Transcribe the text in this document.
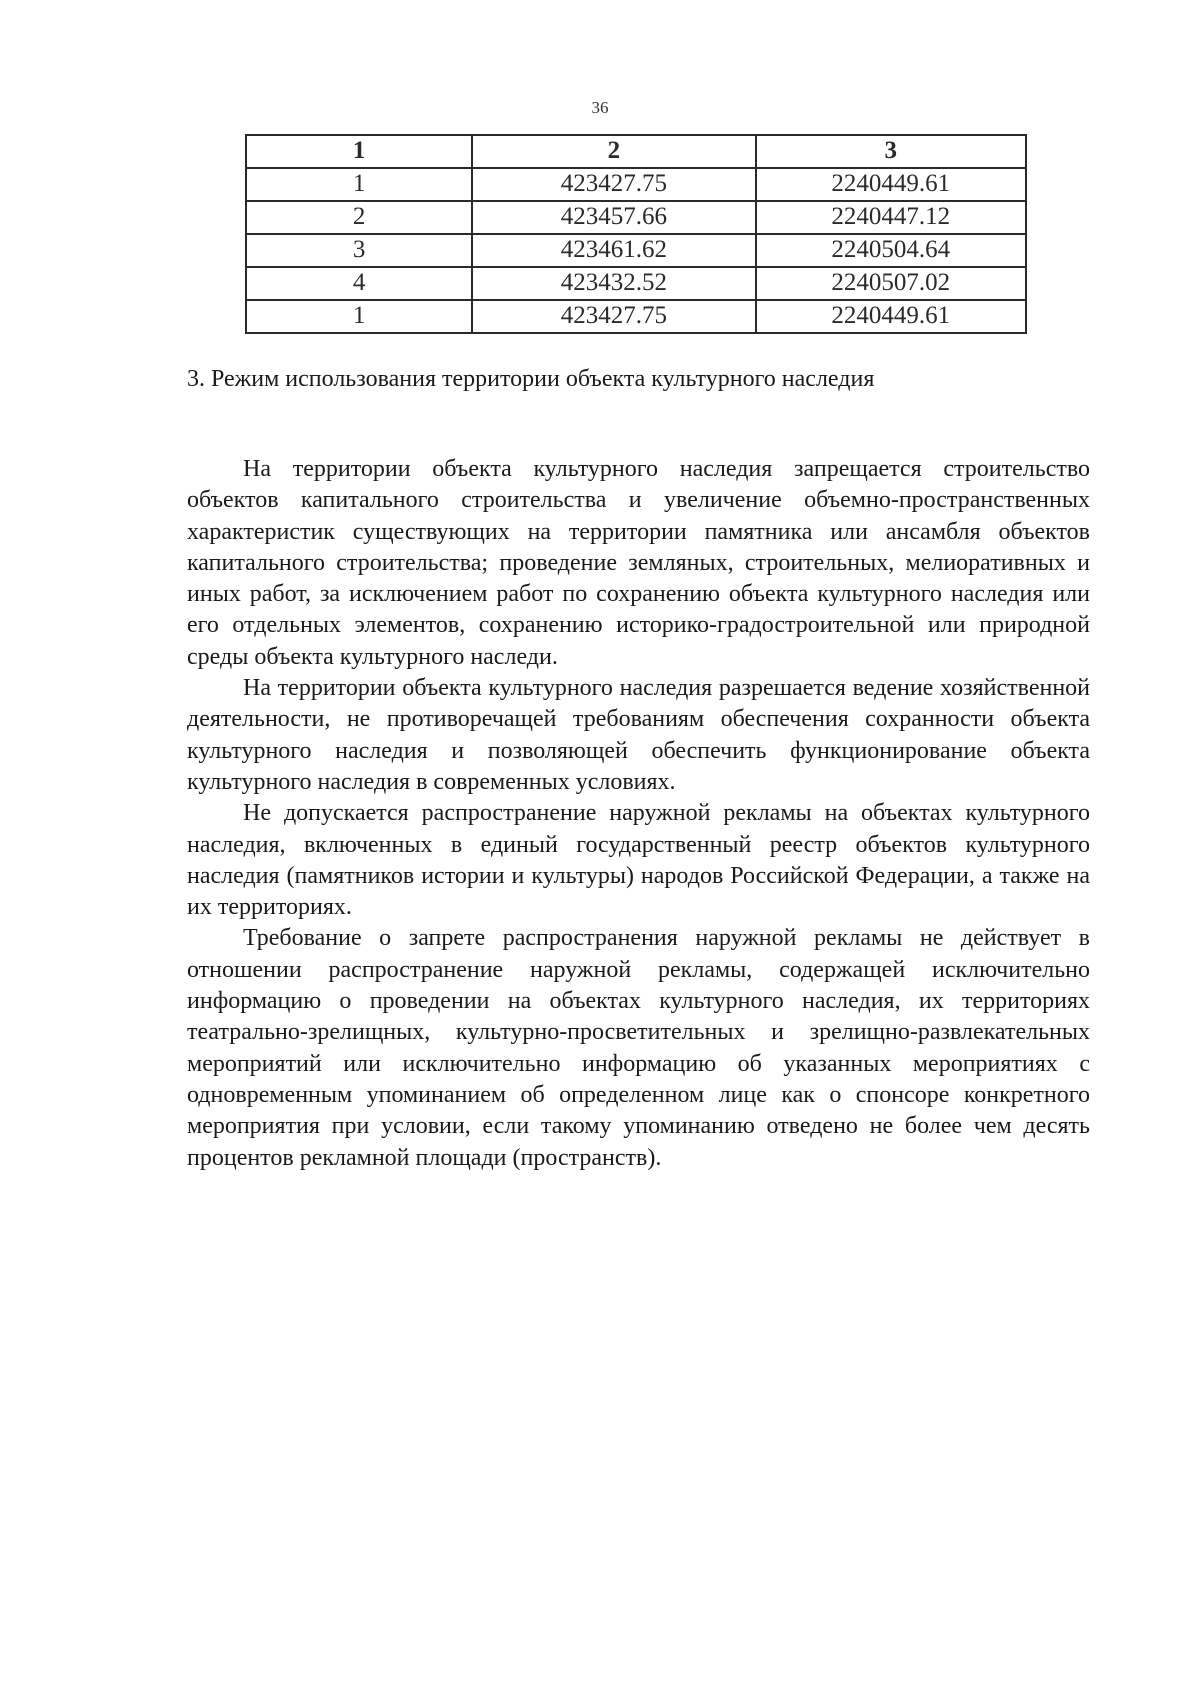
36
1	2	3
1	423427.75	2240449.61
2	423457.66	2240447.12
3	423461.62	2240504.64
4	423432.52	2240507.02
1	423427.75	2240449.61
3. Режим использования территории объекта культурного наследия

На территории объекта культурного наследия запрещается строительство объектов капитального строительства и увеличение объемно-пространственных характеристик существующих на территории памятника или ансамбля объектов капитального строительства; проведение земляных, строительных, мелиоративных и иных работ, за исключением работ по сохранению объекта культурного наследия или его отдельных элементов, сохранению историко-градостроительной или природной среды объекта культурного наследи.

На территории объекта культурного наследия разрешается ведение хозяйственной деятельности, не противоречащей требованиям обеспечения сохранности объекта культурного наследия и позволяющей обеспечить функционирование объекта культурного наследия в современных условиях.

Не допускается распространение наружной рекламы на объектах культурного наследия, включенных в единый государственный реестр объектов культурного наследия (памятников истории и культуры) народов Российской Федерации, а также на их территориях.

Требование о запрете распространения наружной рекламы не действует в отношении распространение наружной рекламы, содержащей исключительно информацию о проведении на объектах культурного наследия, их территориях театрально-зрелищных, культурно-просветительных и зрелищно-развлекательных мероприятий или исключительно информацию об указанных мероприятиях с одновременным упоминанием об определенном лице как о спонсоре конкретного мероприятия при условии, если такому упоминанию отведено не более чем десять процентов рекламной площади (пространств).
